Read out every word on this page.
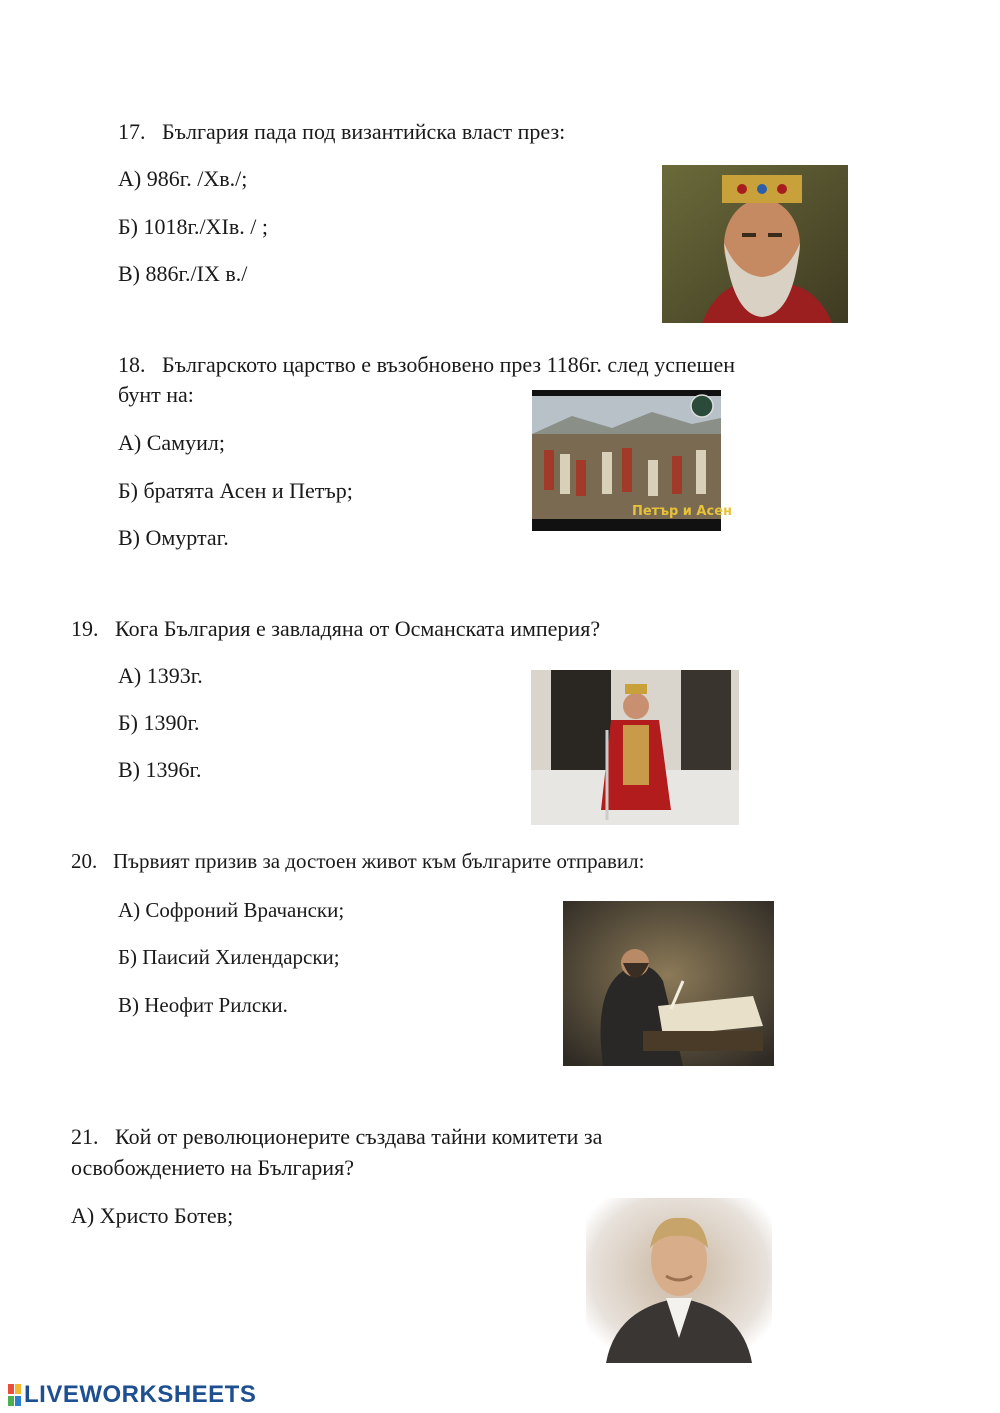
17. България пада под византийска власт през:
А) 986г. /Хв./;
Б) 1018г./XIв. / ;
В) 886г./IX в./
18. Българското царство е възобновено през 1186г. след успешен
бунт на:
А) Самуил;
Б) братята Асен и Петър;
В) Омуртаг.
Петър и Асен
19. Кога България е завладяна от Османската империя?
А) 1393г.
Б) 1390г.
В) 1396г.
20. Първият призив за достоен живот към българите отправил:
А) Софроний Врачански;
Б) Паисий Хилендарски;
В) Неофит Рилски.
21. Кой от революционерите създава тайни комитети за
освобождението на България?
А) Христо Ботев;
LIVEWORKSHEETS
